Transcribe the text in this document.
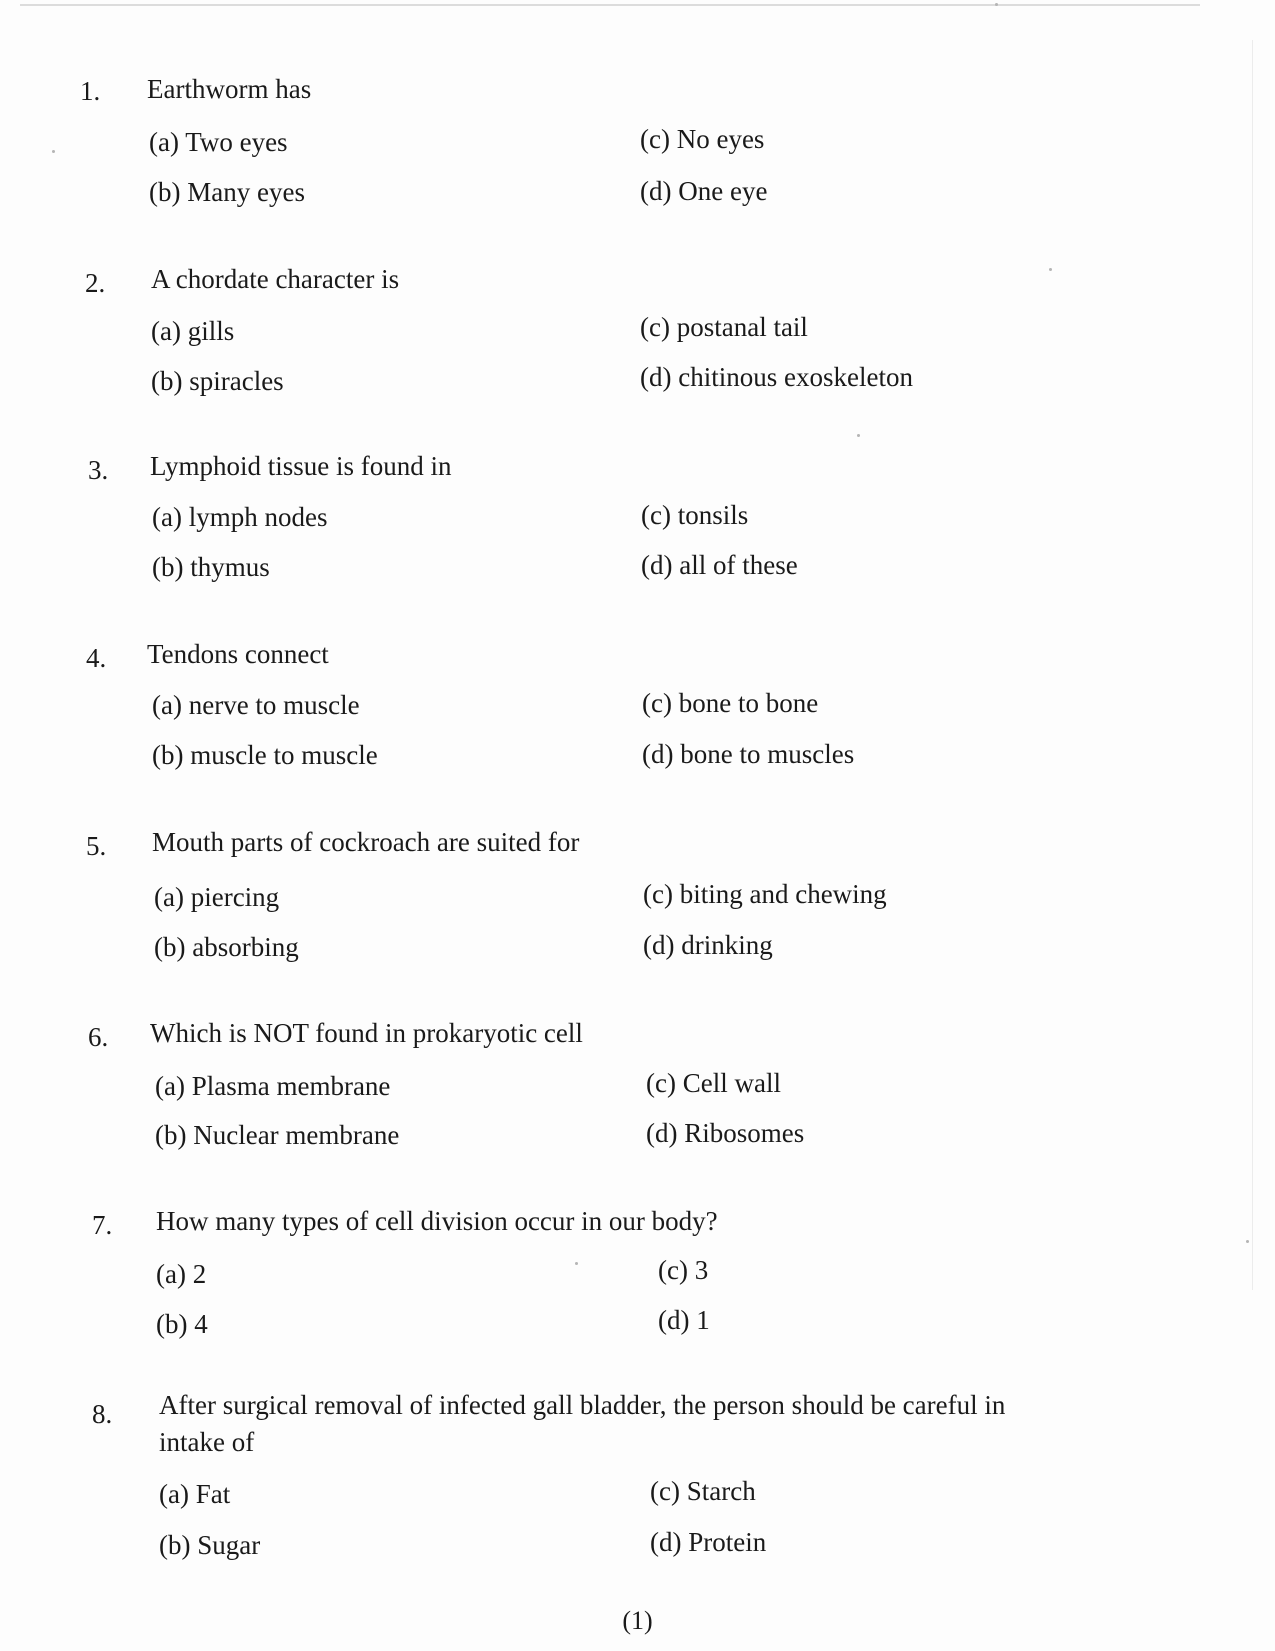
1. Earthworm has
(a) Two eyes
(b) Many eyes
(c) No eyes
(d) One eye
2. A chordate character is
(a) gills
(b) spiracles
(c) postanal tail
(d) chitinous exoskeleton
3. Lymphoid tissue is found in
(a) lymph nodes
(b) thymus
(c) tonsils
(d) all of these
4. Tendons connect
(a) nerve to muscle
(b) muscle to muscle
(c) bone to bone
(d) bone to muscles
5. Mouth parts of cockroach are suited for
(a) piercing
(b) absorbing
(c) biting and chewing
(d) drinking
6. Which is NOT found in prokaryotic cell
(a) Plasma membrane
(b) Nuclear membrane
(c) Cell wall
(d) Ribosomes
7. How many types of cell division occur in our body?
(a) 2
(b) 4
(c) 3
(d) 1
8. After surgical removal of infected gall bladder, the person should be careful in intake of
(a) Fat
(b) Sugar
(c) Starch
(d) Protein
(1)
